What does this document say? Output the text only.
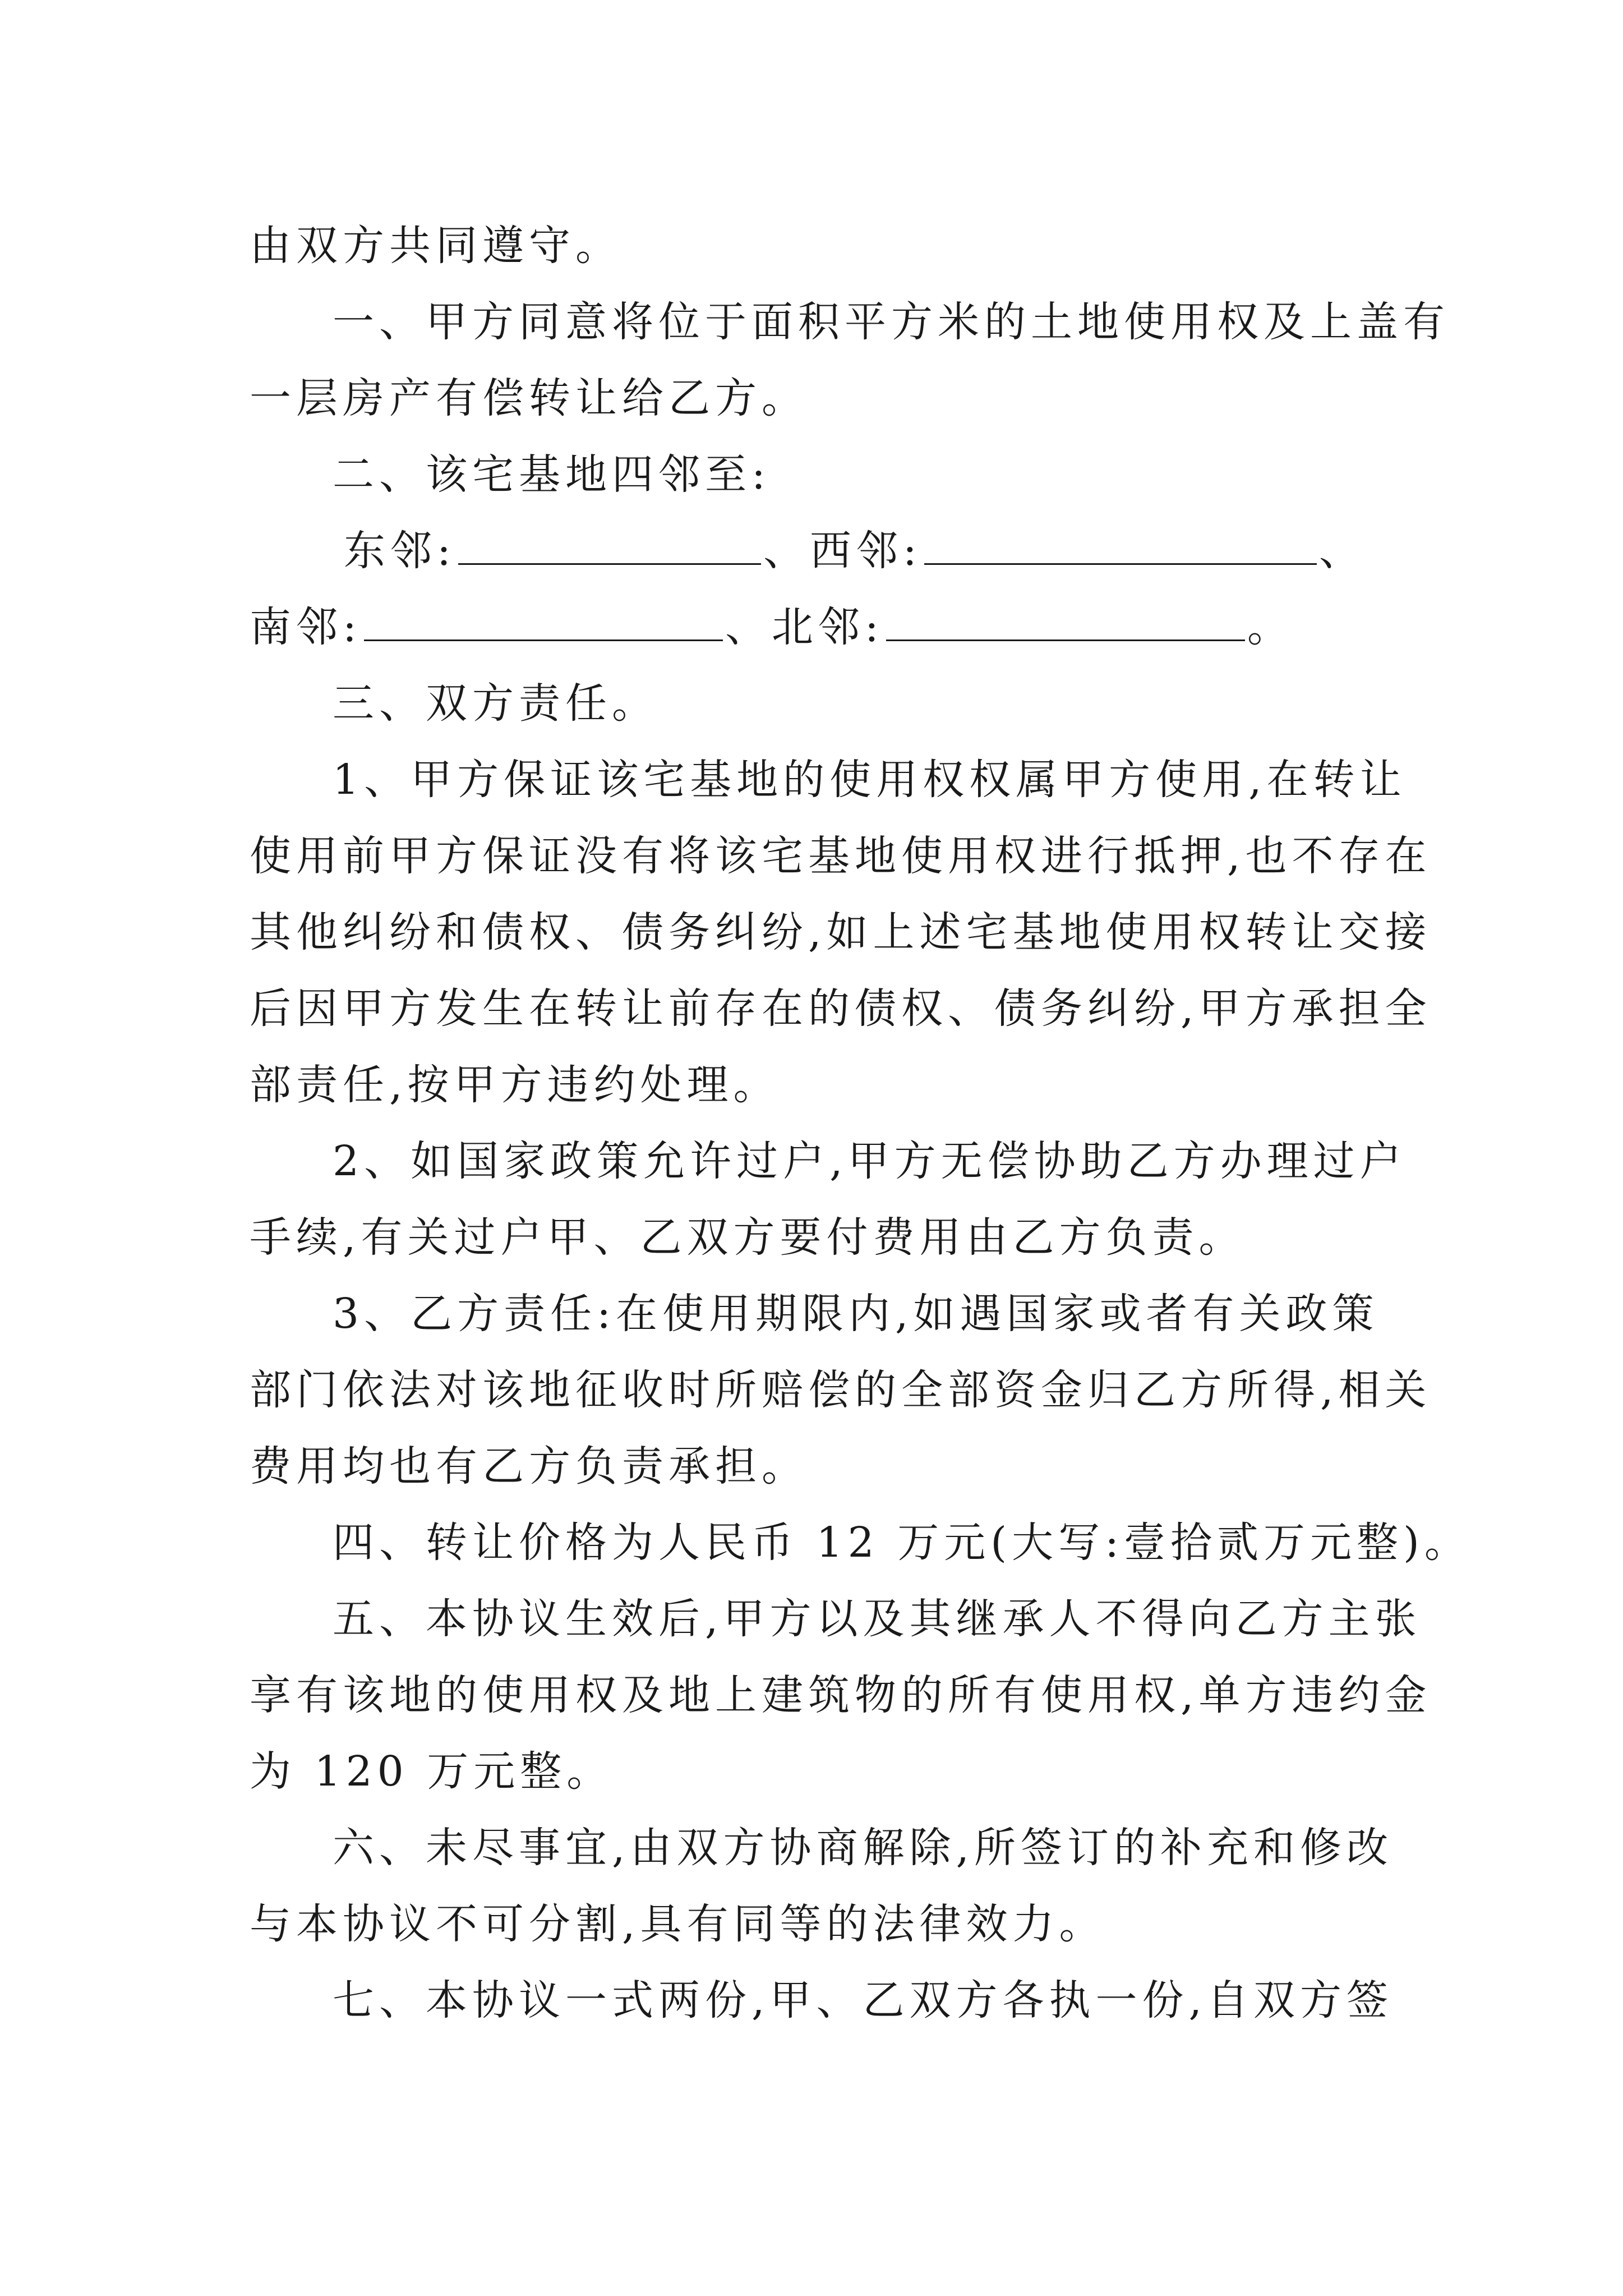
由双方共同遵守。
一、甲方同意将位于面积平方米的土地使用权及上盖有
一层房产有偿转让给乙方。
二、该宅基地四邻至:
东邻:	、西邻:	、
南邻:	、北邻:	。
三、双方责任。
1、甲方保证该宅基地的使用权权属甲方使用,在转让
使用前甲方保证没有将该宅基地使用权进行抵押,也不存在
其他纠纷和债权、债务纠纷,如上述宅基地使用权转让交接
后因甲方发生在转让前存在的债权、债务纠纷,甲方承担全
部责任,按甲方违约处理。
2、如国家政策允许过户,甲方无偿协助乙方办理过户
手续,有关过户甲、乙双方要付费用由乙方负责。
3、乙方责任:在使用期限内,如遇国家或者有关政策
部门依法对该地征收时所赔偿的全部资金归乙方所得,相关
费用均也有乙方负责承担。
四、转让价格为人民币 12 万元(大写:壹拾贰万元整)。
五、本协议生效后,甲方以及其继承人不得向乙方主张
享有该地的使用权及地上建筑物的所有使用权,单方违约金
为 120 万元整。
六、未尽事宜,由双方协商解除,所签订的补充和修改
与本协议不可分割,具有同等的法律效力。
七、本协议一式两份,甲、乙双方各执一份,自双方签
